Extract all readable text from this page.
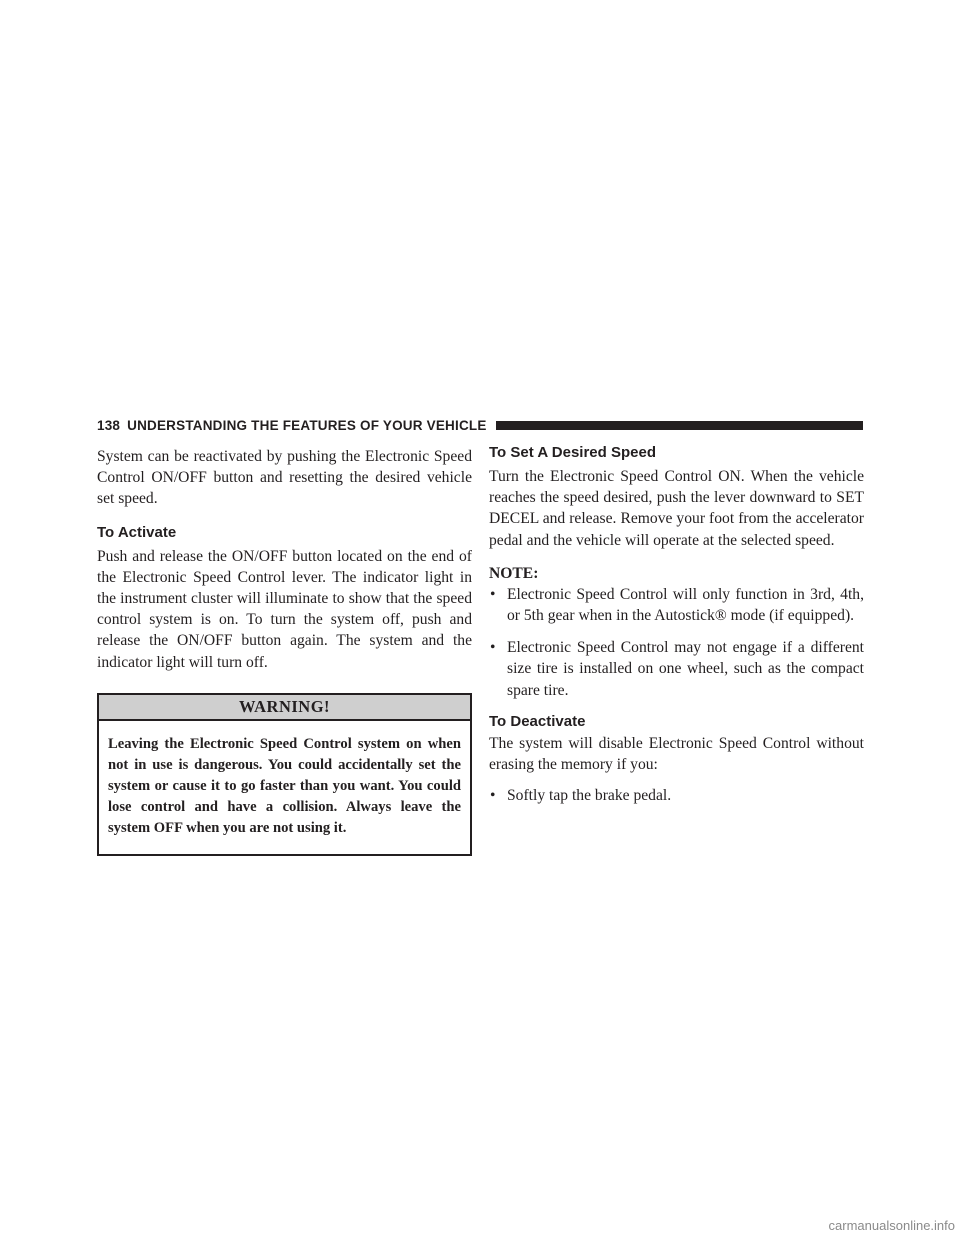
138 UNDERSTANDING THE FEATURES OF YOUR VEHICLE

System can be reactivated by pushing the Electronic Speed Control ON/OFF button and resetting the desired vehicle set speed.

To Activate

Push and release the ON/OFF button located on the end of the Electronic Speed Control lever. The indicator light in the instrument cluster will illuminate to show that the speed control system is on. To turn the system off, push and release the ON/OFF button again. The system and the indicator light will turn off.

WARNING!
Leaving the Electronic Speed Control system on when not in use is dangerous. You could accidentally set the system or cause it to go faster than you want. You could lose control and have a collision. Always leave the system OFF when you are not using it.
To Set A Desired Speed

Turn the Electronic Speed Control ON. When the vehicle reaches the speed desired, push the lever downward to SET DECEL and release. Remove your foot from the accelerator pedal and the vehicle will operate at the selected speed.

NOTE:

• Electronic Speed Control will only function in 3rd, 4th, or 5th gear when in the Autostick® mode (if equipped).
• Electronic Speed Control may not engage if a different size tire is installed on one wheel, such as the compact spare tire.
To Deactivate

The system will disable Electronic Speed Control without erasing the memory if you:

• Softly tap the brake pedal.
carmanualsonline.info
